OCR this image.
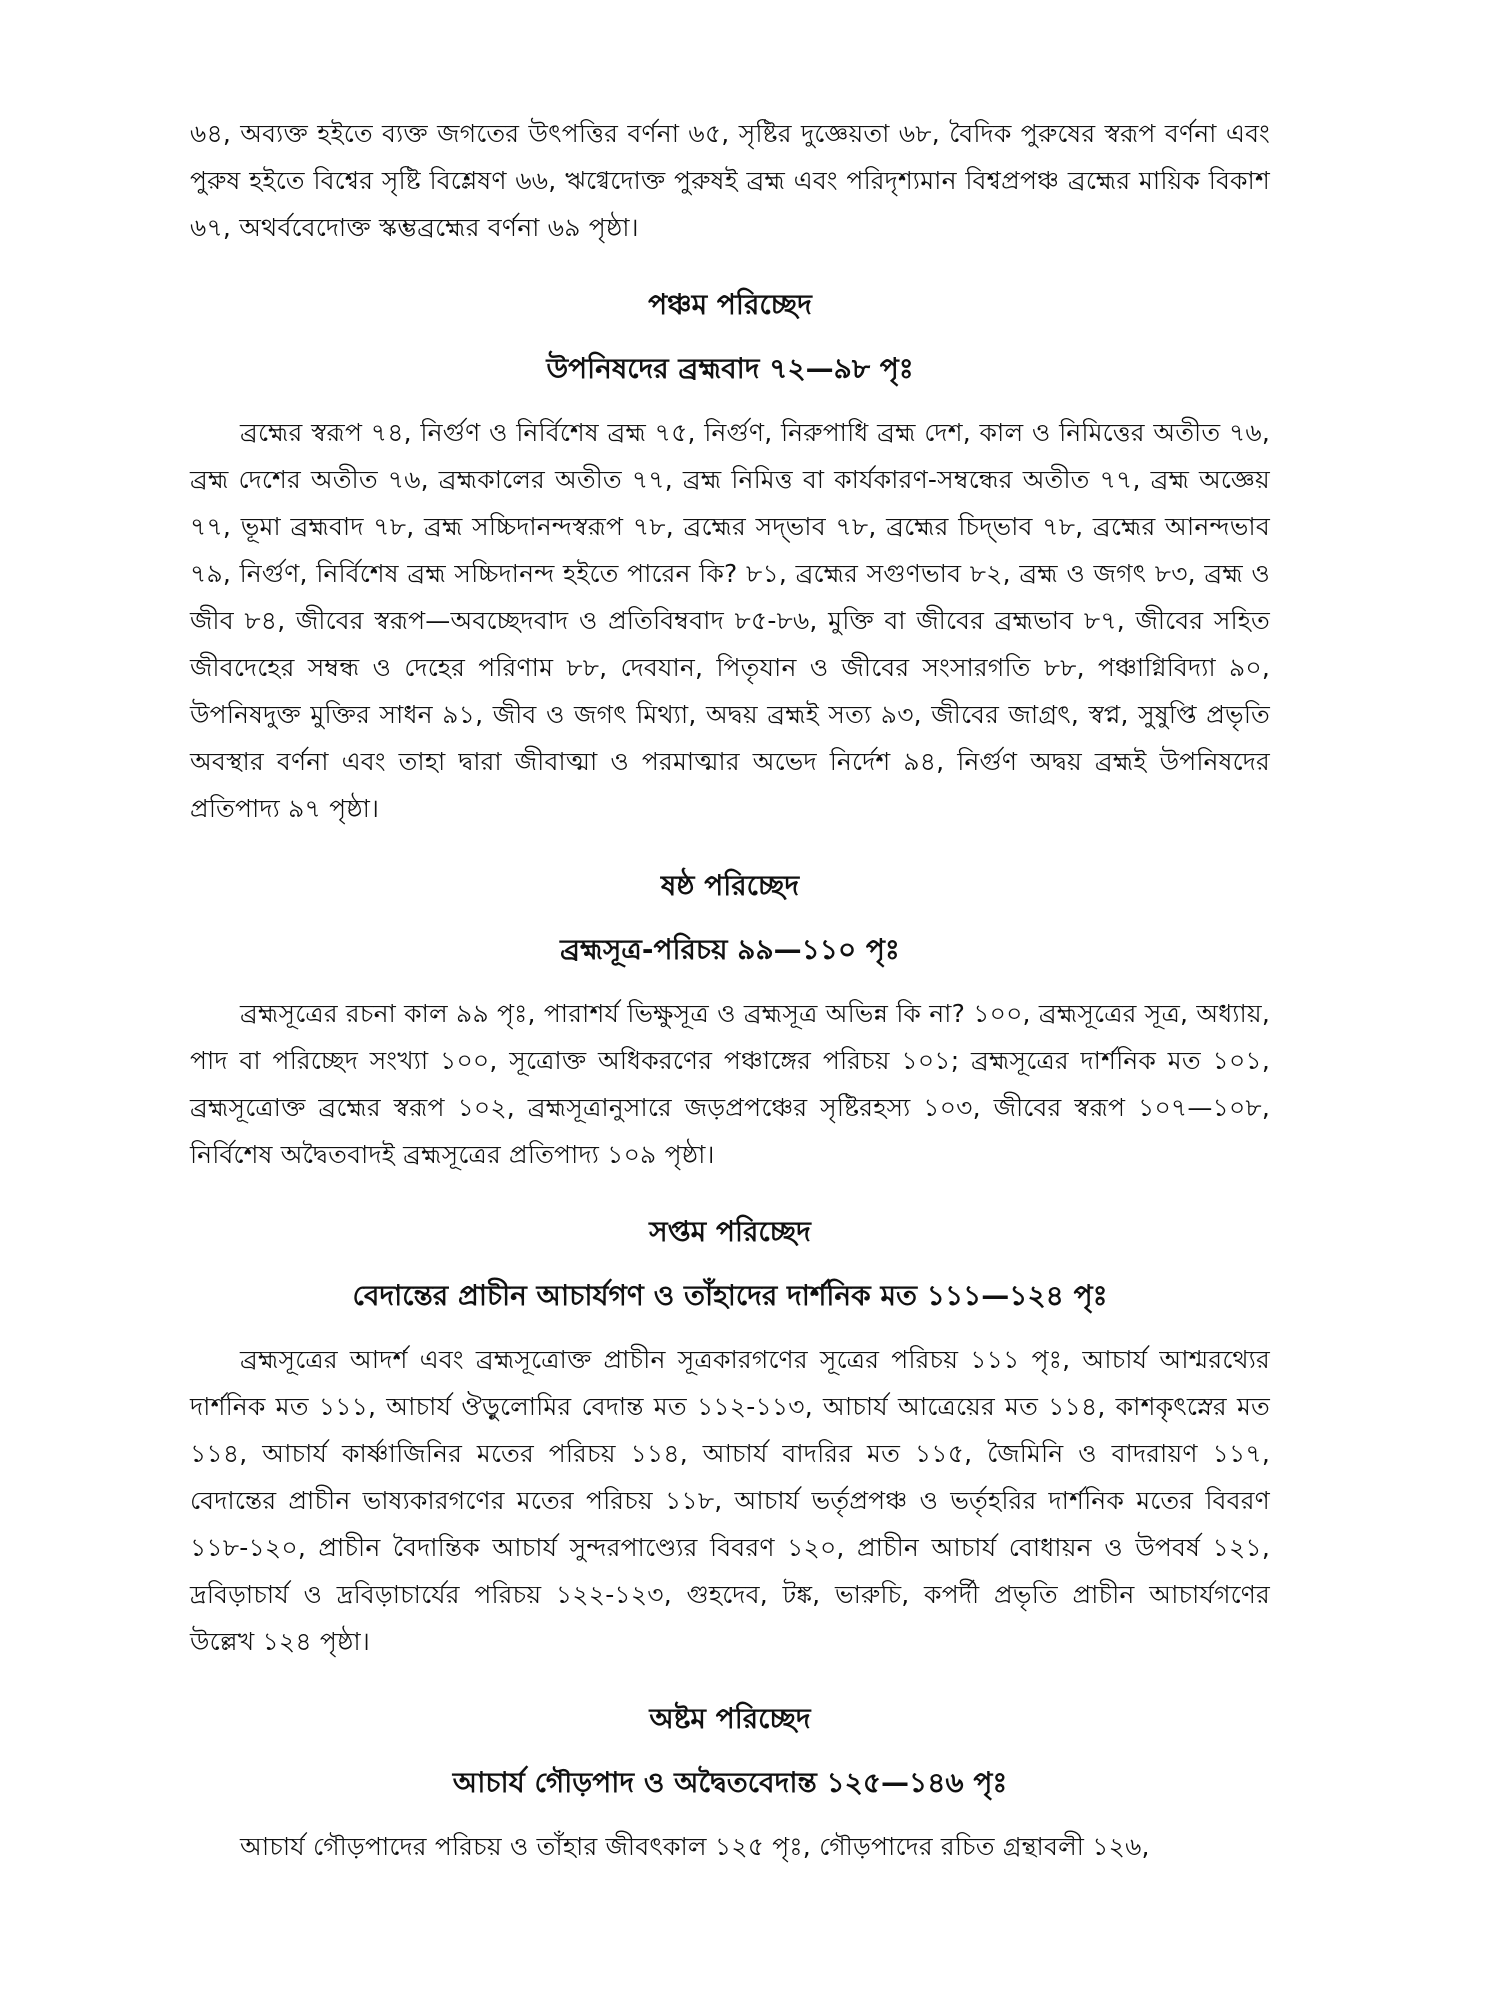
৬৪, অব্যক্ত হইতে ব্যক্ত জগতের উৎপত্তির বর্ণনা ৬৫, সৃষ্টির দুজ্ঞেয়তা ৬৮, বৈদিক পুরুষের স্বরূপ বর্ণনা এবং পুরুষ হইতে বিশ্বের সৃষ্টি বিশ্লেষণ ৬৬, ঋগ্বেদোক্ত পুরুষই ব্রহ্ম এবং পরিদৃশ্যমান বিশ্বপ্রপঞ্চ ব্রহ্মের মায়িক বিকাশ ৬৭, অথর্ববেদোক্ত স্কম্ভব্রহ্মের বর্ণনা ৬৯ পৃষ্ঠা।

পঞ্চম পরিচ্ছেদ
উপনিষদের ব্রহ্মবাদ ৭২—৯৮ পৃঃ

ব্রহ্মের স্বরূপ ৭৪, নির্গুণ ও নির্বিশেষ ব্রহ্ম ৭৫, নির্গুণ, নিরুপাধি ব্রহ্ম দেশ, কাল ও নিমিত্তের অতীত ৭৬, ব্রহ্ম দেশের অতীত ৭৬, ব্রহ্মকালের অতীত ৭৭, ব্রহ্ম নিমিত্ত বা কার্যকারণ-সম্বন্ধের অতীত ৭৭, ব্রহ্ম অজ্ঞেয় ৭৭, ভূমা ব্রহ্মবাদ ৭৮, ব্রহ্ম সচ্চিদানন্দস্বরূপ ৭৮, ব্রহ্মের সদ্‌ভাব ৭৮, ব্রহ্মের চিদ্‌ভাব ৭৮, ব্রহ্মের আনন্দভাব ৭৯, নির্গুণ, নির্বিশেষ ব্রহ্ম সচ্চিদানন্দ হইতে পারেন কি? ৮১, ব্রহ্মের সগুণভাব ৮২, ব্রহ্ম ও জগৎ ৮৩, ব্রহ্ম ও জীব ৮৪, জীবের স্বরূপ—অবচ্ছেদবাদ ও প্রতিবিম্ববাদ ৮৫-৮৬, মুক্তি বা জীবের ব্রহ্মভাব ৮৭, জীবের সহিত জীবদেহের সম্বন্ধ ও দেহের পরিণাম ৮৮, দেবযান, পিতৃযান ও জীবের সংসারগতি ৮৮, পঞ্চাগ্নিবিদ্যা ৯০, উপনিষদুক্ত মুক্তির সাধন ৯১, জীব ও জগৎ মিথ্যা, অদ্বয় ব্রহ্মই সত্য ৯৩, জীবের জাগ্রৎ, স্বপ্ন, সুষুপ্তি প্রভৃতি অবস্থার বর্ণনা এবং তাহা দ্বারা জীবাত্মা ও পরমাত্মার অভেদ নির্দেশ ৯৪, নির্গুণ অদ্বয় ব্রহ্মই উপনিষদের প্রতিপাদ্য ৯৭ পৃষ্ঠা।

ষষ্ঠ পরিচ্ছেদ
ব্রহ্মসূত্র-পরিচয় ৯৯—১১০ পৃঃ

ব্রহ্মসূত্রের রচনা কাল ৯৯ পৃঃ, পারাশর্য ভিক্ষুসূত্র ও ব্রহ্মসূত্র অভিন্ন কি না? ১০০, ব্রহ্মসূত্রের সূত্র, অধ্যায়, পাদ বা পরিচ্ছেদ সংখ্যা ১০০, সূত্রোক্ত অধিকরণের পঞ্চাঙ্গের পরিচয় ১০১; ব্রহ্মসূত্রের দার্শনিক মত ১০১, ব্রহ্মসূত্রোক্ত ব্রহ্মের স্বরূপ ১০২, ব্রহ্মসূত্রানুসারে জড়প্রপঞ্চের সৃষ্টিরহস্য ১০৩, জীবের স্বরূপ ১০৭—১০৮, নির্বিশেষ অদ্বৈতবাদই ব্রহ্মসূত্রের প্রতিপাদ্য ১০৯ পৃষ্ঠা।

সপ্তম পরিচ্ছেদ
বেদান্তের প্রাচীন আচার্যগণ ও তাঁহাদের দার্শনিক মত ১১১—১২৪ পৃঃ

ব্রহ্মসূত্রের আদর্শ এবং ব্রহ্মসূত্রোক্ত প্রাচীন সূত্রকারগণের সূত্রের পরিচয় ১১১ পৃঃ, আচার্য আশ্মরথ্যের দার্শনিক মত ১১১, আচার্য ঔড়ুলোমির বেদান্ত মত ১১২-১১৩, আচার্য আত্রেয়ের মত ১১৪, কাশকৃৎস্নের মত ১১৪, আচার্য কার্ষ্ণাজিনির মতের পরিচয় ১১৪, আচার্য বাদরির মত ১১৫, জৈমিনি ও বাদরায়ণ ১১৭, বেদান্তের প্রাচীন ভাষ্যকারগণের মতের পরিচয় ১১৮, আচার্য ভর্তৃপ্রপঞ্চ ও ভর্তৃহরির দার্শনিক মতের বিবরণ ১১৮-১২০, প্রাচীন বৈদান্তিক আচার্য সুন্দরপাণ্ড্যের বিবরণ ১২০, প্রাচীন আচার্য বোধায়ন ও উপবর্ষ ১২১, দ্রবিড়াচার্য ও দ্রবিড়াচার্যের পরিচয় ১২২-১২৩, গুহদেব, টঙ্ক, ভারুচি, কপর্দী প্রভৃতি প্রাচীন আচার্যগণের উল্লেখ ১২৪ পৃষ্ঠা।

অষ্টম পরিচ্ছেদ
আচার্য গৌড়পাদ ও অদ্বৈতবেদান্ত ১২৫—১৪৬ পৃঃ

আচার্য গৌড়পাদের পরিচয় ও তাঁহার জীবৎকাল ১২৫ পৃঃ, গৌড়পাদের রচিত গ্রন্থাবলী ১২৬,
